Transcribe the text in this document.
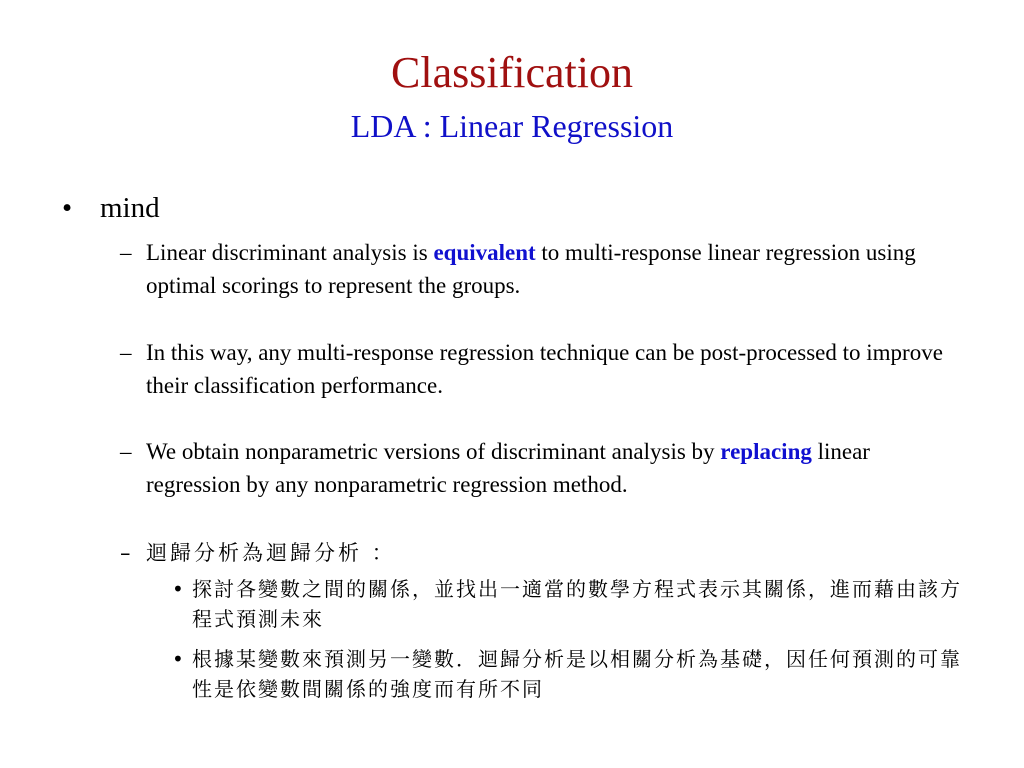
Classification
LDA : Linear Regression
• mind
– Linear discriminant analysis is equivalent to multi-response linear regression using optimal scorings to represent the groups.
– In this way, any multi-response regression technique can be post-processed to improve their classification performance.
– We obtain nonparametric versions of discriminant analysis by replacing linear regression by any nonparametric regression method.
– 迴歸分析為迴歸分析 ：
• 探討各變數之間的關係，並找出一適當的數學方程式表示其關係，進而藉由該方程式預測未來
• 根據某變數來預測另一變數．迴歸分析是以相關分析為基礎，因任何預測的可靠性是依變數間關係的強度而有所不同
